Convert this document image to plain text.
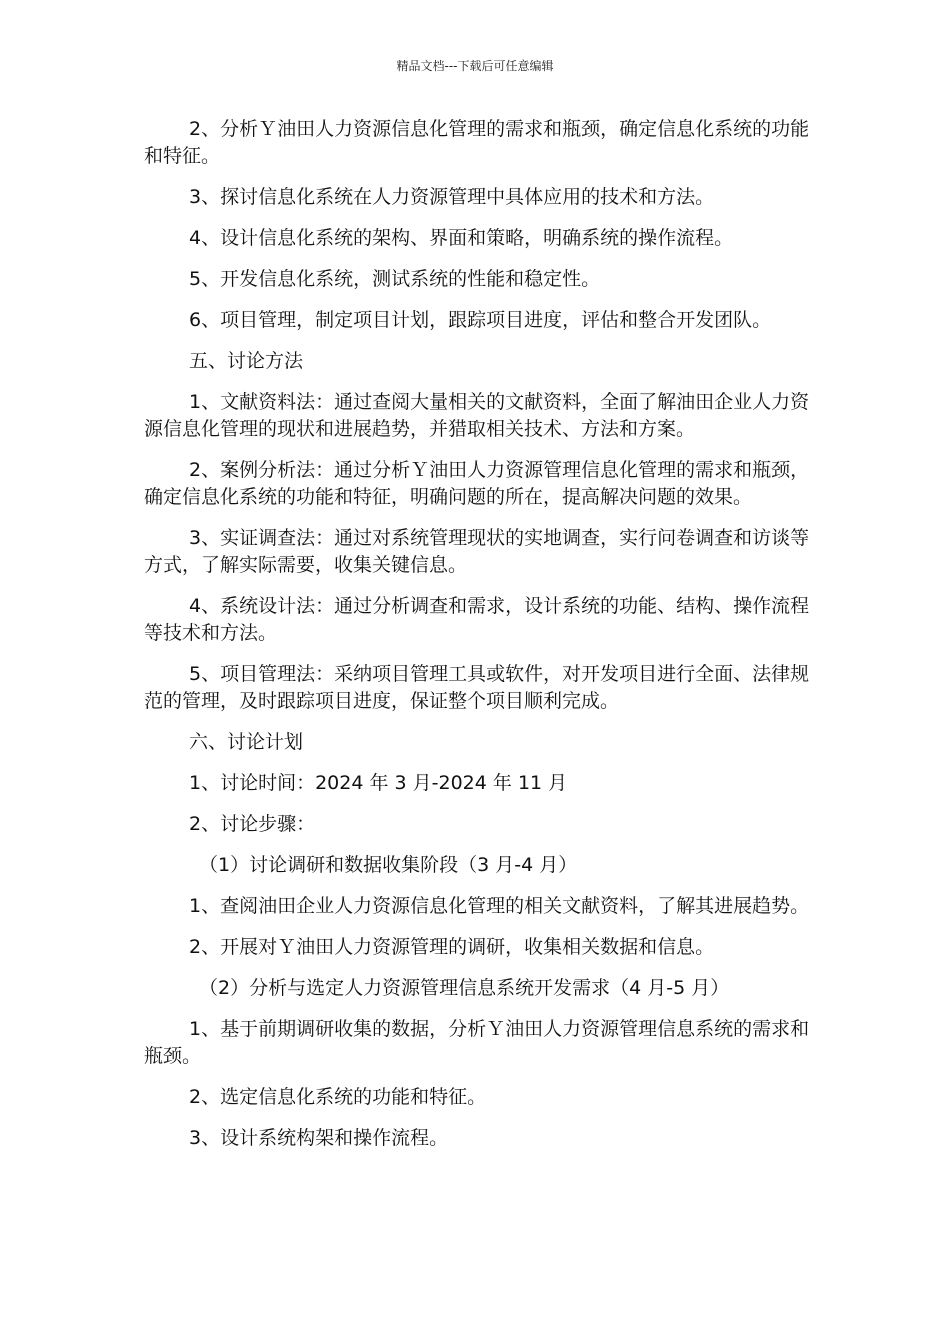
精品文档---下载后可任意编辑

2、分析Ｙ油田人力资源信息化管理的需求和瓶颈，确定信息化系统的功能和特征。

3、探讨信息化系统在人力资源管理中具体应用的技术和方法。

4、设计信息化系统的架构、界面和策略，明确系统的操作流程。

5、开发信息化系统，测试系统的性能和稳定性。

6、项目管理，制定项目计划，跟踪项目进度，评估和整合开发团队。

五、讨论方法

1、文献资料法：通过查阅大量相关的文献资料，全面了解油田企业人力资源信息化管理的现状和进展趋势，并猎取相关技术、方法和方案。

2、案例分析法：通过分析Ｙ油田人力资源管理信息化管理的需求和瓶颈，确定信息化系统的功能和特征，明确问题的所在，提高解决问题的效果。

3、实证调查法：通过对系统管理现状的实地调查，实行问卷调查和访谈等方式，了解实际需要，收集关键信息。

4、系统设计法：通过分析调查和需求，设计系统的功能、结构、操作流程等技术和方法。

5、项目管理法：采纳项目管理工具或软件，对开发项目进行全面、法律规范的管理，及时跟踪项目进度，保证整个项目顺利完成。

六、讨论计划

1、讨论时间：2024 年 3 月-2024 年 11 月

2、讨论步骤：

（1）讨论调研和数据收集阶段（3 月-4 月）

1、查阅油田企业人力资源信息化管理的相关文献资料，了解其进展趋势。

2、开展对Ｙ油田人力资源管理的调研，收集相关数据和信息。

（2）分析与选定人力资源管理信息系统开发需求（4 月-5 月）

1、基于前期调研收集的数据，分析Ｙ油田人力资源管理信息系统的需求和瓶颈。

2、选定信息化系统的功能和特征。

3、设计系统构架和操作流程。
